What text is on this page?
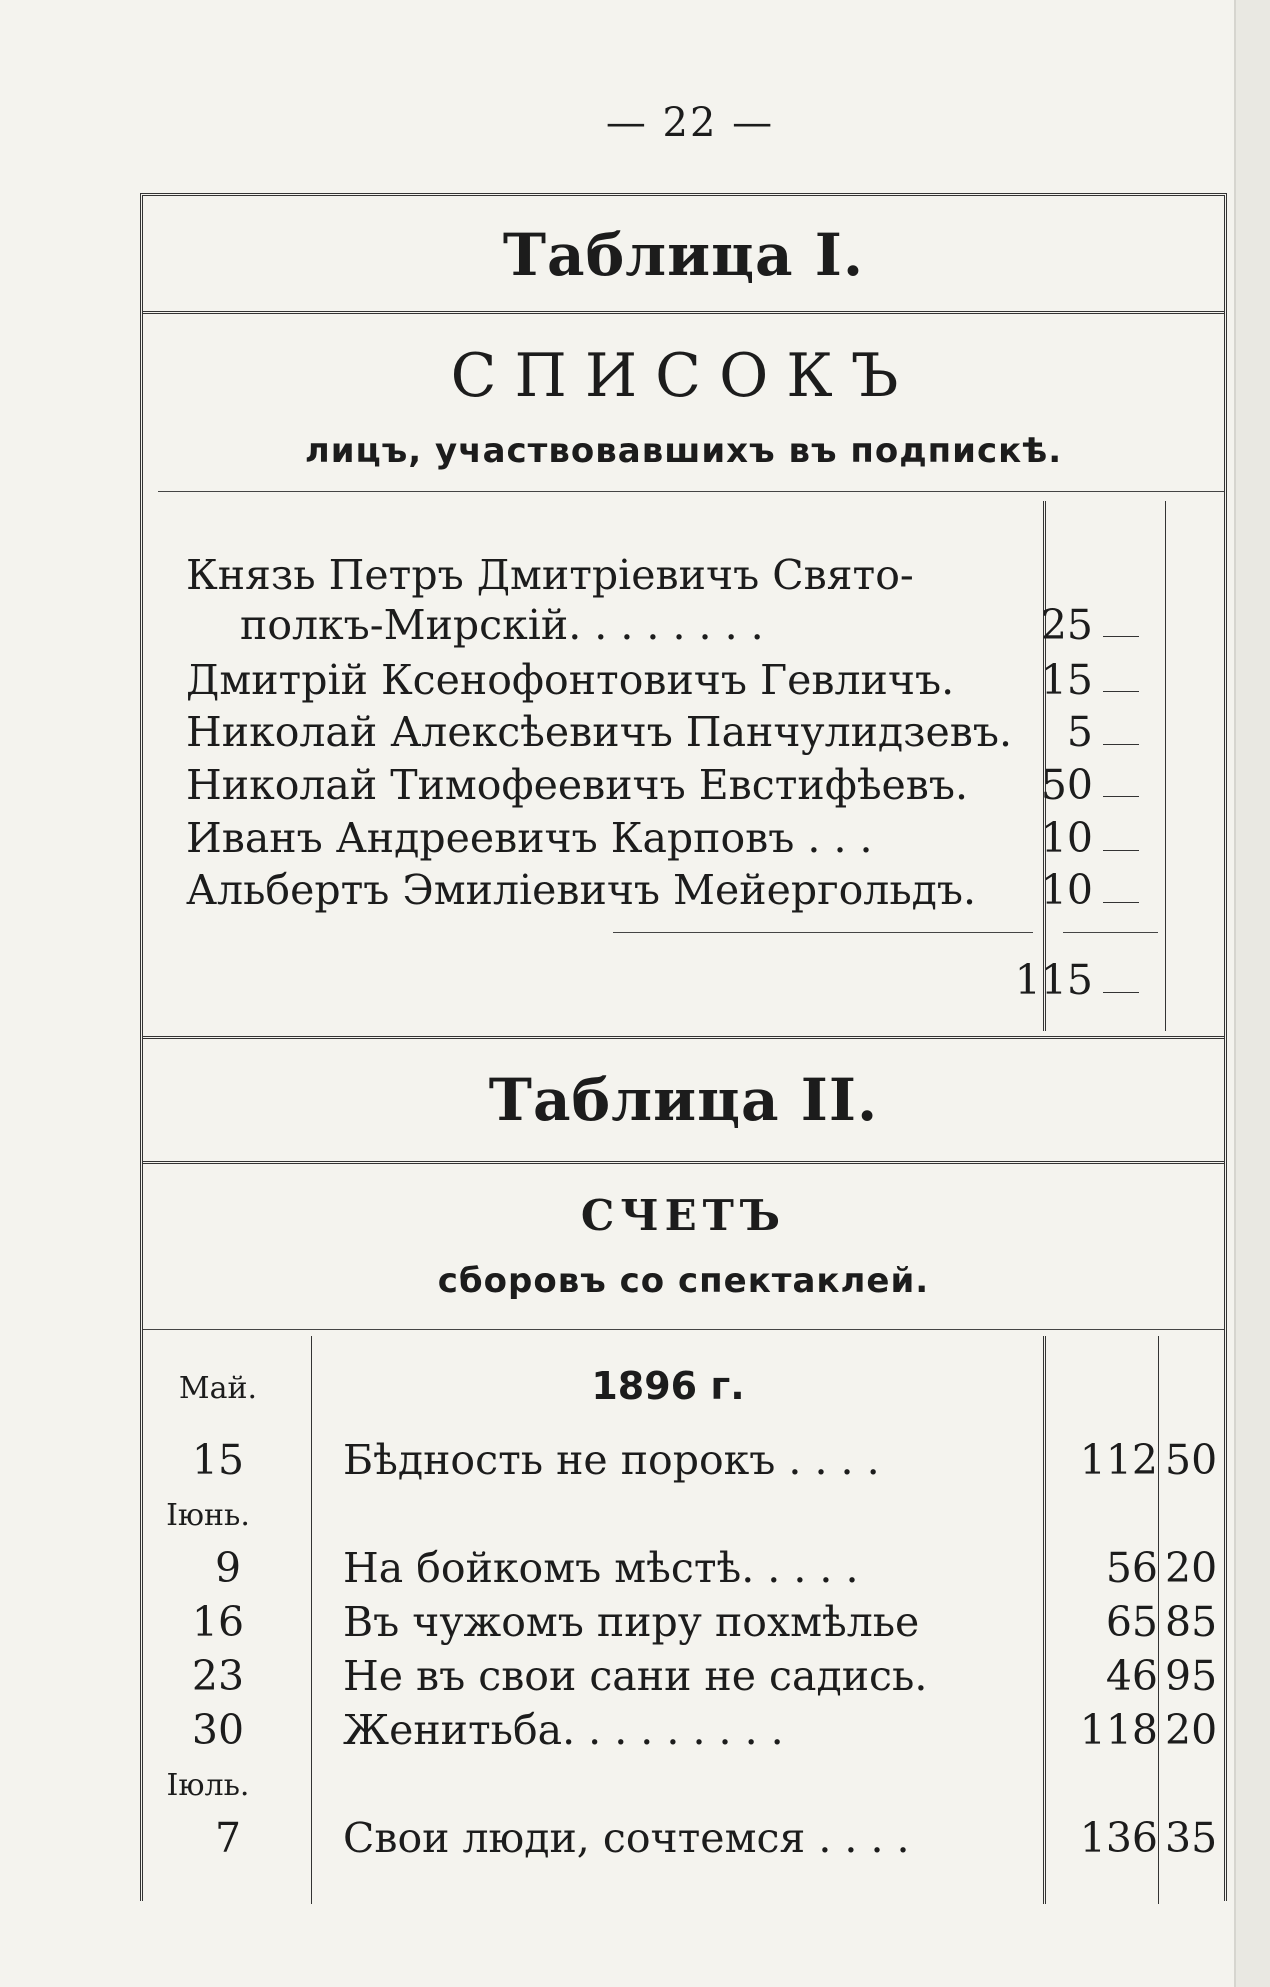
— 22 —
Таблица I.
СПИСОКЪ
лицъ, участвовавшихъ въ подпискѣ.
Князь Петръ Дмитріевичъ Свято-
полкъ-Мирскій. . . . . . . .	25
Дмитрій Ксенофонтовичъ Гевличъ.	15
Николай Алексѣевичъ Панчулидзевъ.	5
Николай Тимофеевичъ Евстифѣевъ.	50
Иванъ Андреевичъ Карповъ . . .	10
Альбертъ Эмиліевичъ Мейергольдъ.	10
115
Таблица II.
СЧЕТЪ
сборовъ со спектаклей.
Май.	1896 г.
15	Бѣдность не порокъ . . . .	112 50
Іюнь.
9	На бойкомъ мѣстѣ. . . . .	56 20
16	Въ чужомъ пиру похмѣлье	65 85
23	Не въ свои сани не садись.	46 95
30	Женитьба. . . . . . . . .	118 20
Іюль.
7	Свои люди, сочтемся . . . .	136 35
